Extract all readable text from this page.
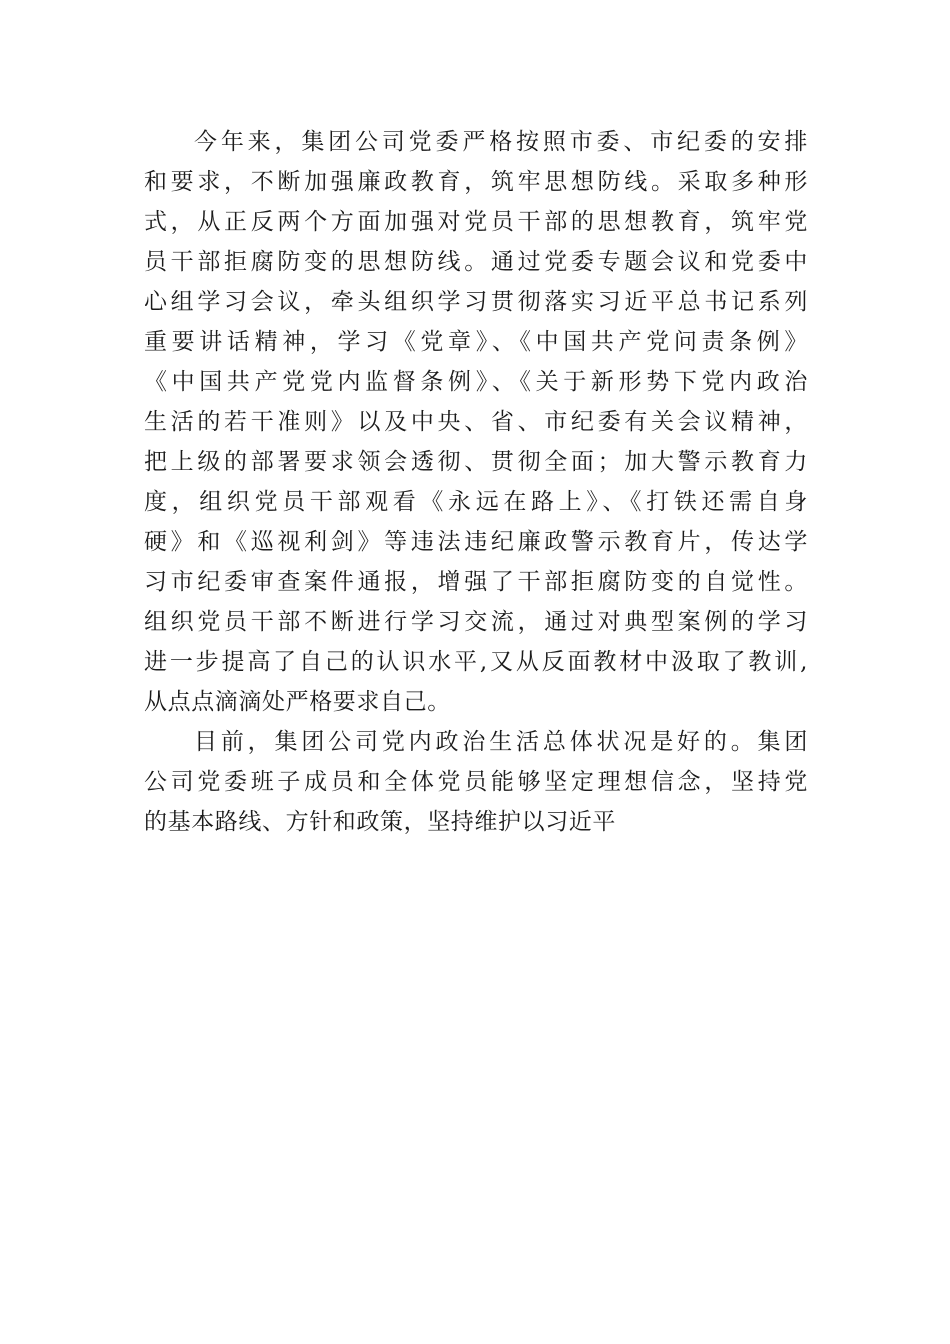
今年来，集团公司党委严格按照市委、市纪委的安排
和要求，不断加强廉政教育，筑牢思想防线。采取多种形
式，从正反两个方面加强对党员干部的思想教育，筑牢党
员干部拒腐防变的思想防线。通过党委专题会议和党委中
心组学习会议，牵头组织学习贯彻落实习近平总书记系列
重要讲话精神，学习《党章》、《中国共产党问责条例》
《中国共产党党内监督条例》、《关于新形势下党内政治
生活的若干准则》以及中央、省、市纪委有关会议精神，
把上级的部署要求领会透彻、贯彻全面；加大警示教育力
度，组织党员干部观看《永远在路上》、《打铁还需自身
硬》和《巡视利剑》等违法违纪廉政警示教育片，传达学
习市纪委审查案件通报，增强了干部拒腐防变的自觉性。
组织党员干部不断进行学习交流，通过对典型案例的学习
进一步提高了自己的认识水平,又从反面教材中汲取了教训,
从点点滴滴处严格要求自己。
目前，集团公司党内政治生活总体状况是好的。集团
公司党委班子成员和全体党员能够坚定理想信念，坚持党
的基本路线、方针和政策，坚持维护以习近平
